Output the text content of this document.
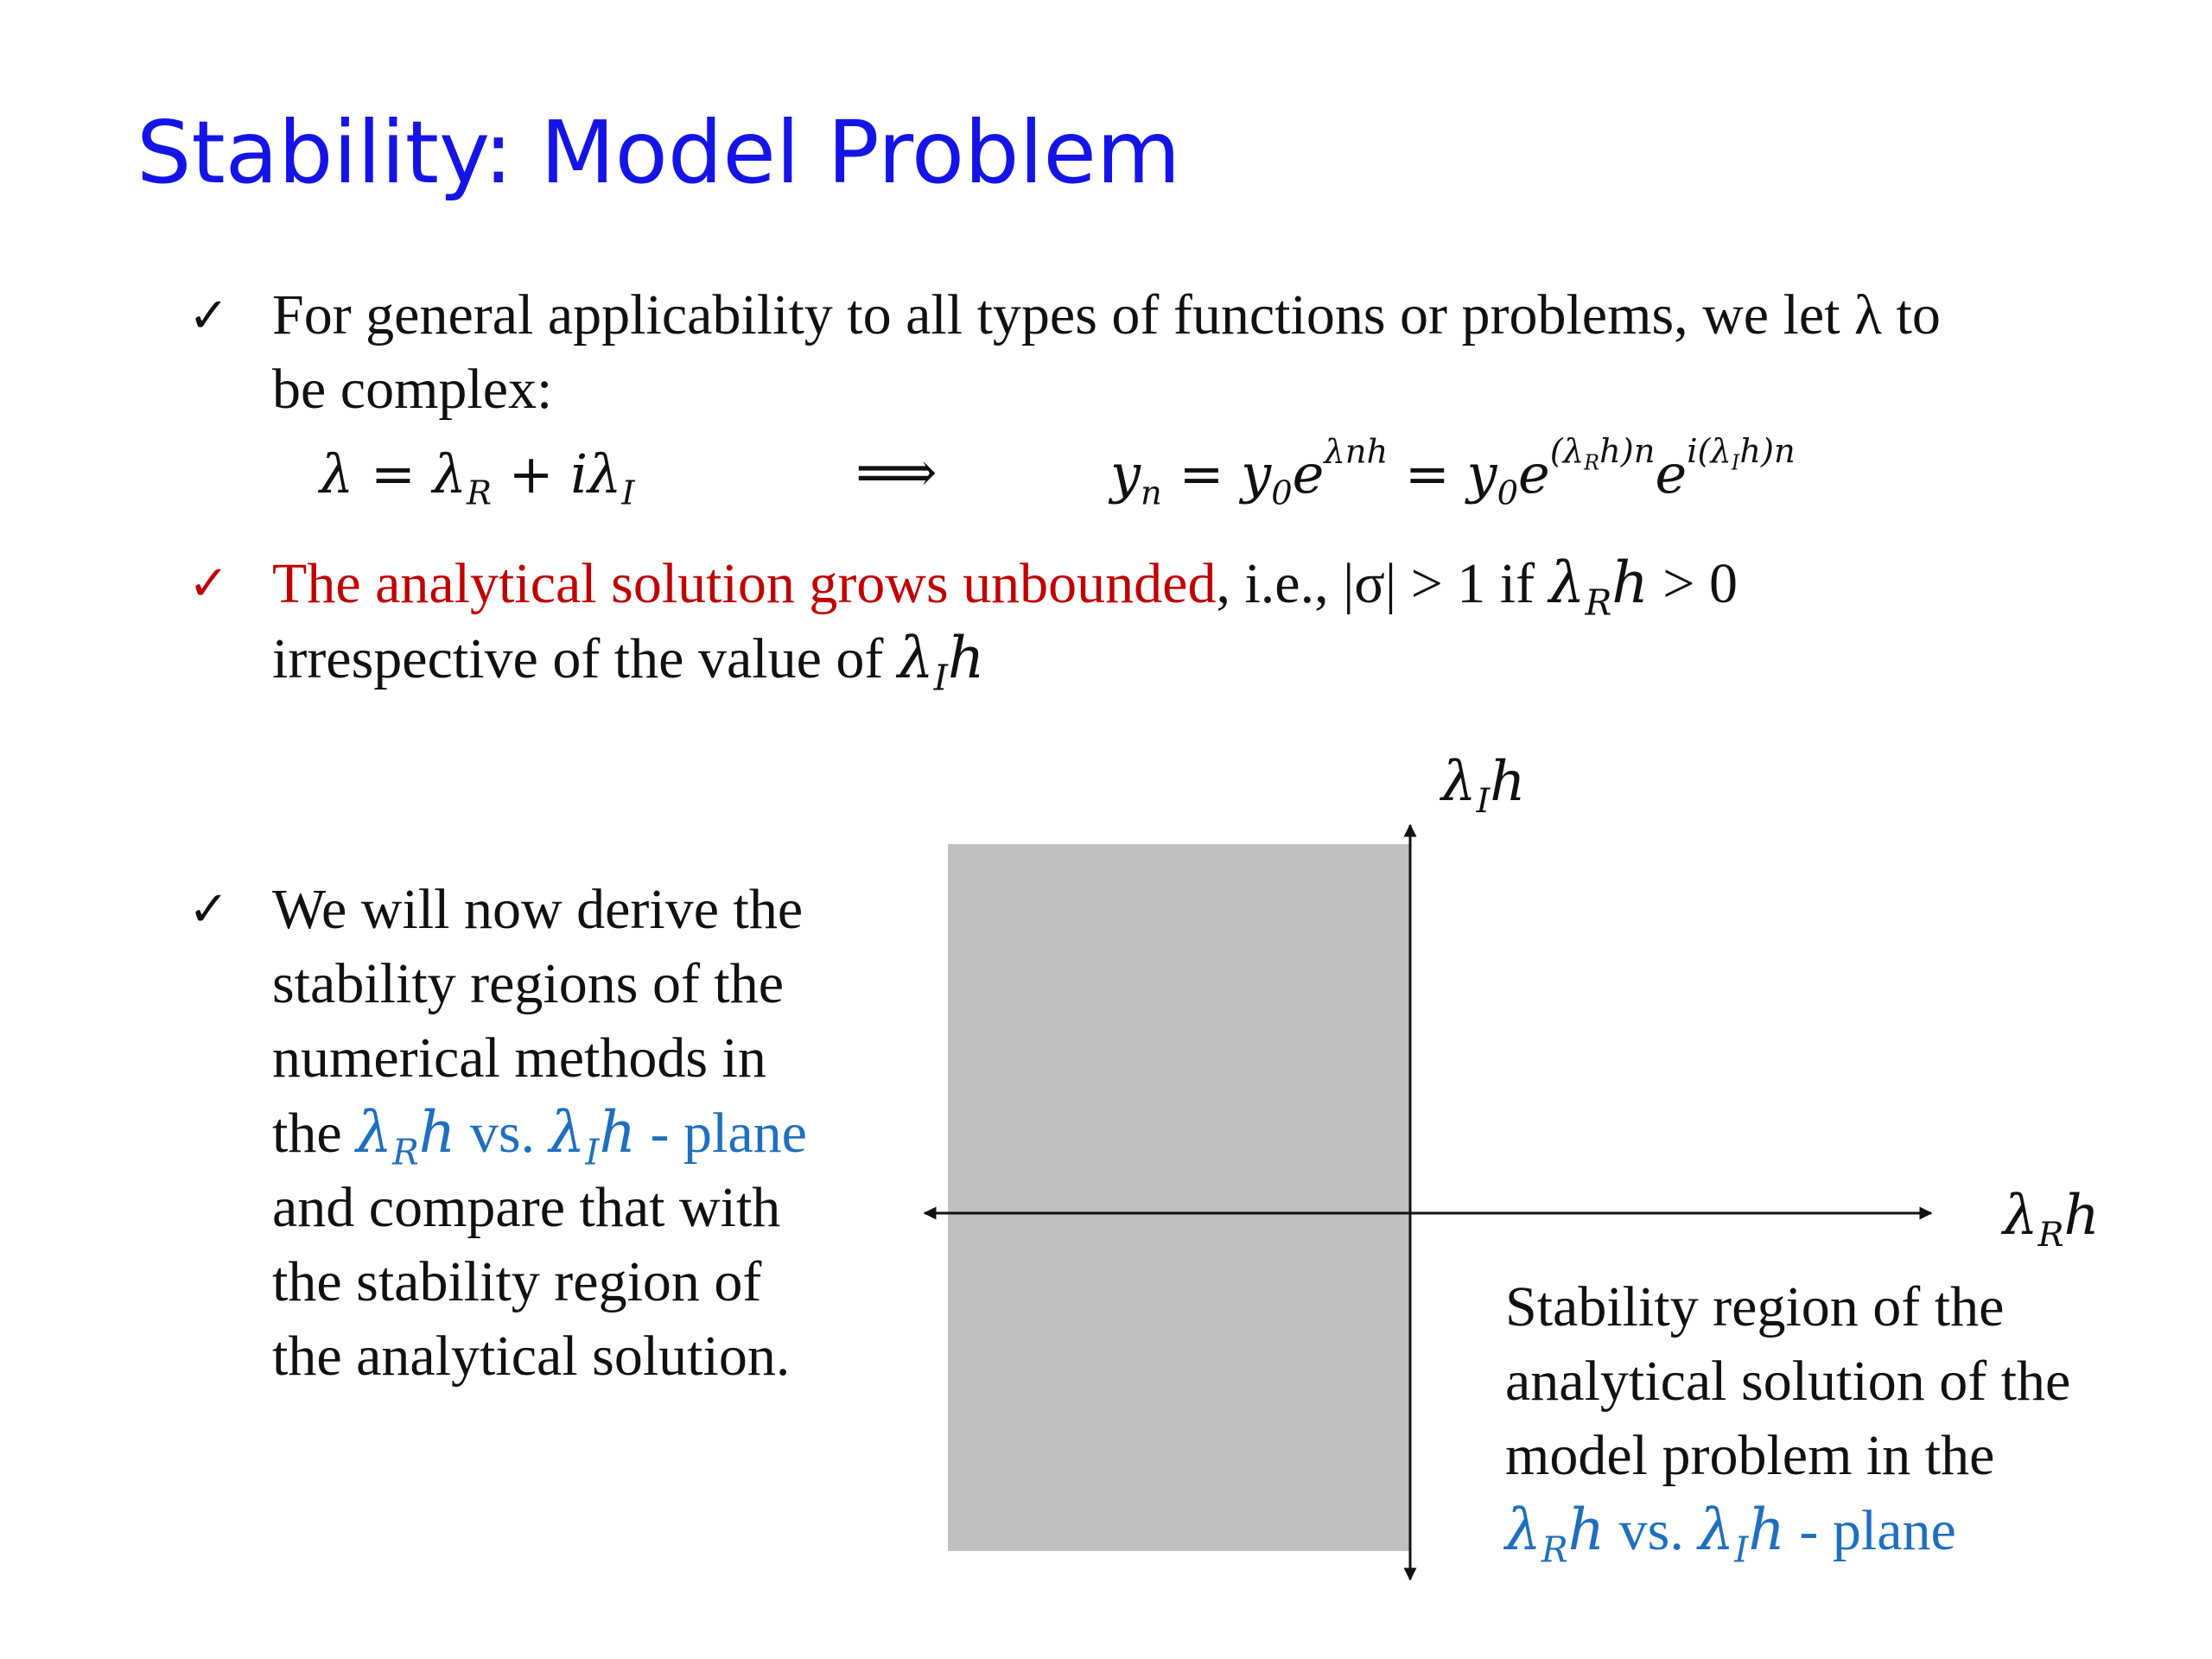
Stability: Model Problem
✓ For general applicability to all types of functions or problems, we let λ to
be complex:
$\lambda = \lambda_R + i\lambda_I$	⟹	$y_n = y_0e^{\lambda nh} = y_0e^{(\lambda_Rh)n}e^{i(\lambda_Ih)n}$
✓ The analytical solution grows unbounded, i.e., |σ| > 1 if $\lambda_Rh > 0$
irrespective of the value of $\lambda_Ih$
✓ We will now derive the
stability regions of the
numerical methods in
the $\lambda_Rh$ vs. $\lambda_Ih$ - plane
and compare that with
the stability region of
the analytical solution.
$\lambda_Ih$
$\lambda_Rh$
Stability region of the
analytical solution of the
model problem in the
$\lambda_Rh$ vs. $\lambda_Ih$ - plane
